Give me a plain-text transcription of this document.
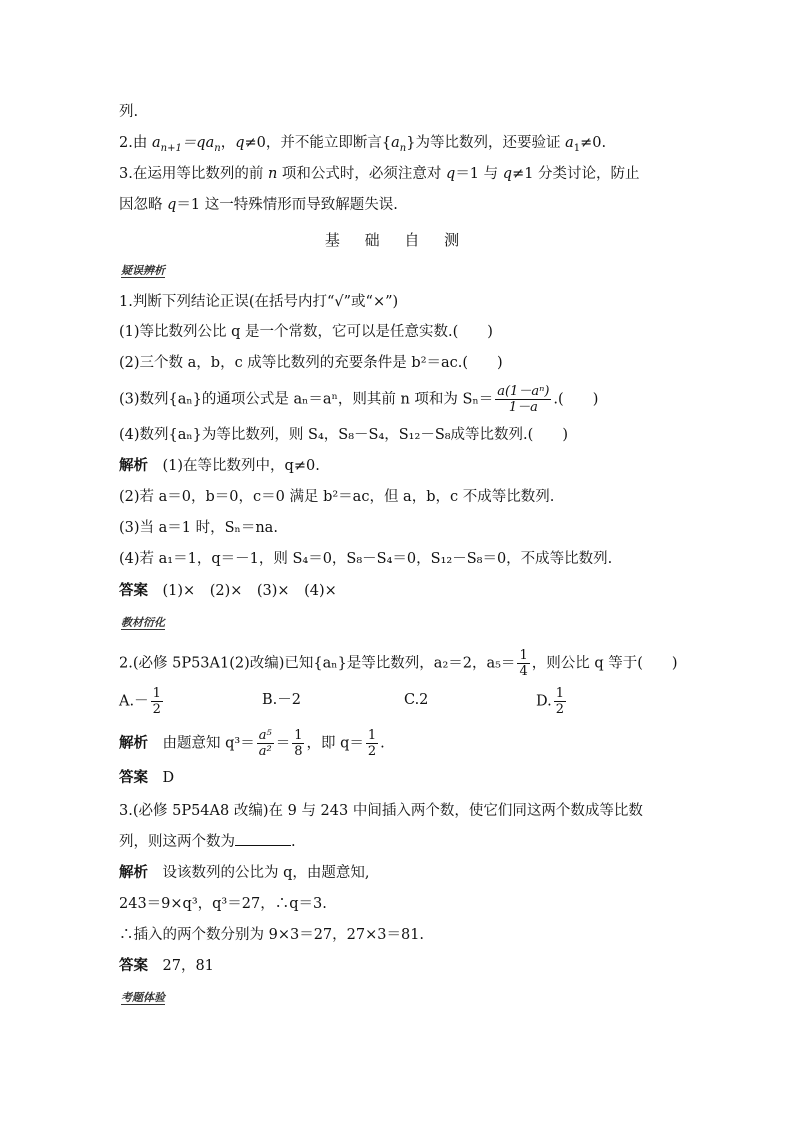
列.
2.由 $a_{n+1}=qa_n$，q≠0，并不能立即断言$\{a_n\}$为等比数列，还要验证 $a_1\ne 0$.
3.在运用等比数列的前 n 项和公式时，必须注意对 q＝1 与 q≠1 分类讨论，防止
因忽略 q＝1 这一特殊情形而导致解题失误.
基 础 自 测
疑误辨析
1.判断下列结论正误(在括号内打“√”或“×”)
(1)等比数列公比 q 是一个常数，它可以是任意实数.(　　)
(2)三个数 a，b，c 成等比数列的充要条件是 b²＝ac.(　　)
(3)数列{aₙ}的通项公式是 aₙ＝aⁿ，则其前 n 项和为 $S_n= \frac{\text{a(1－aⁿ)}}{1-a}$ .(　　)
(4)数列{aₙ}为等比数列，则 S₄，S₈－S₄，S₁₂－S₈成等比数列.(　　)
解析　 (1)在等比数列中，q≠0.
(2)若 a＝0，b＝0，c＝0 满足 b²＝ac，但 a，b，c 不成等比数列.
(3)当 a＝1 时，Sₙ＝na.
(4)若 a₁＝1，q＝－1，则 S₄＝0，S₈－S₄＝0，S₁₂－S₈＝0，不成等比数列.
答案　 (1)×　(2)×　(3)×　(4)×
教材衍化
2.(必修 5P53A1(2)改编)已知{aₙ}是等比数列，a₂＝2，$a_5= \frac{1}{4}$ ，则公比 q 等于(　　)
$A.- \frac{1}{2}$	B.－2	C.2	D. $\frac{1}{2}$
解析　 由题意知 $q^3= \frac{\text{a⁵}}{\text{a²}} = \frac{1}{8}$ ，即 $q= \frac{1}{2}$ .
答案　 D
3.(必修 5P54A8 改编)在 9 与 243 中间插入两个数，使它们同这两个数成等比数
列，则这两个数为	.
解析　 设该数列的公比为 q，由题意知,
243＝9×q³，q³＝27，∴q＝3.
∴插入的两个数分别为 9×3＝27，27×3＝81.
答案　 27，81
考题体验
